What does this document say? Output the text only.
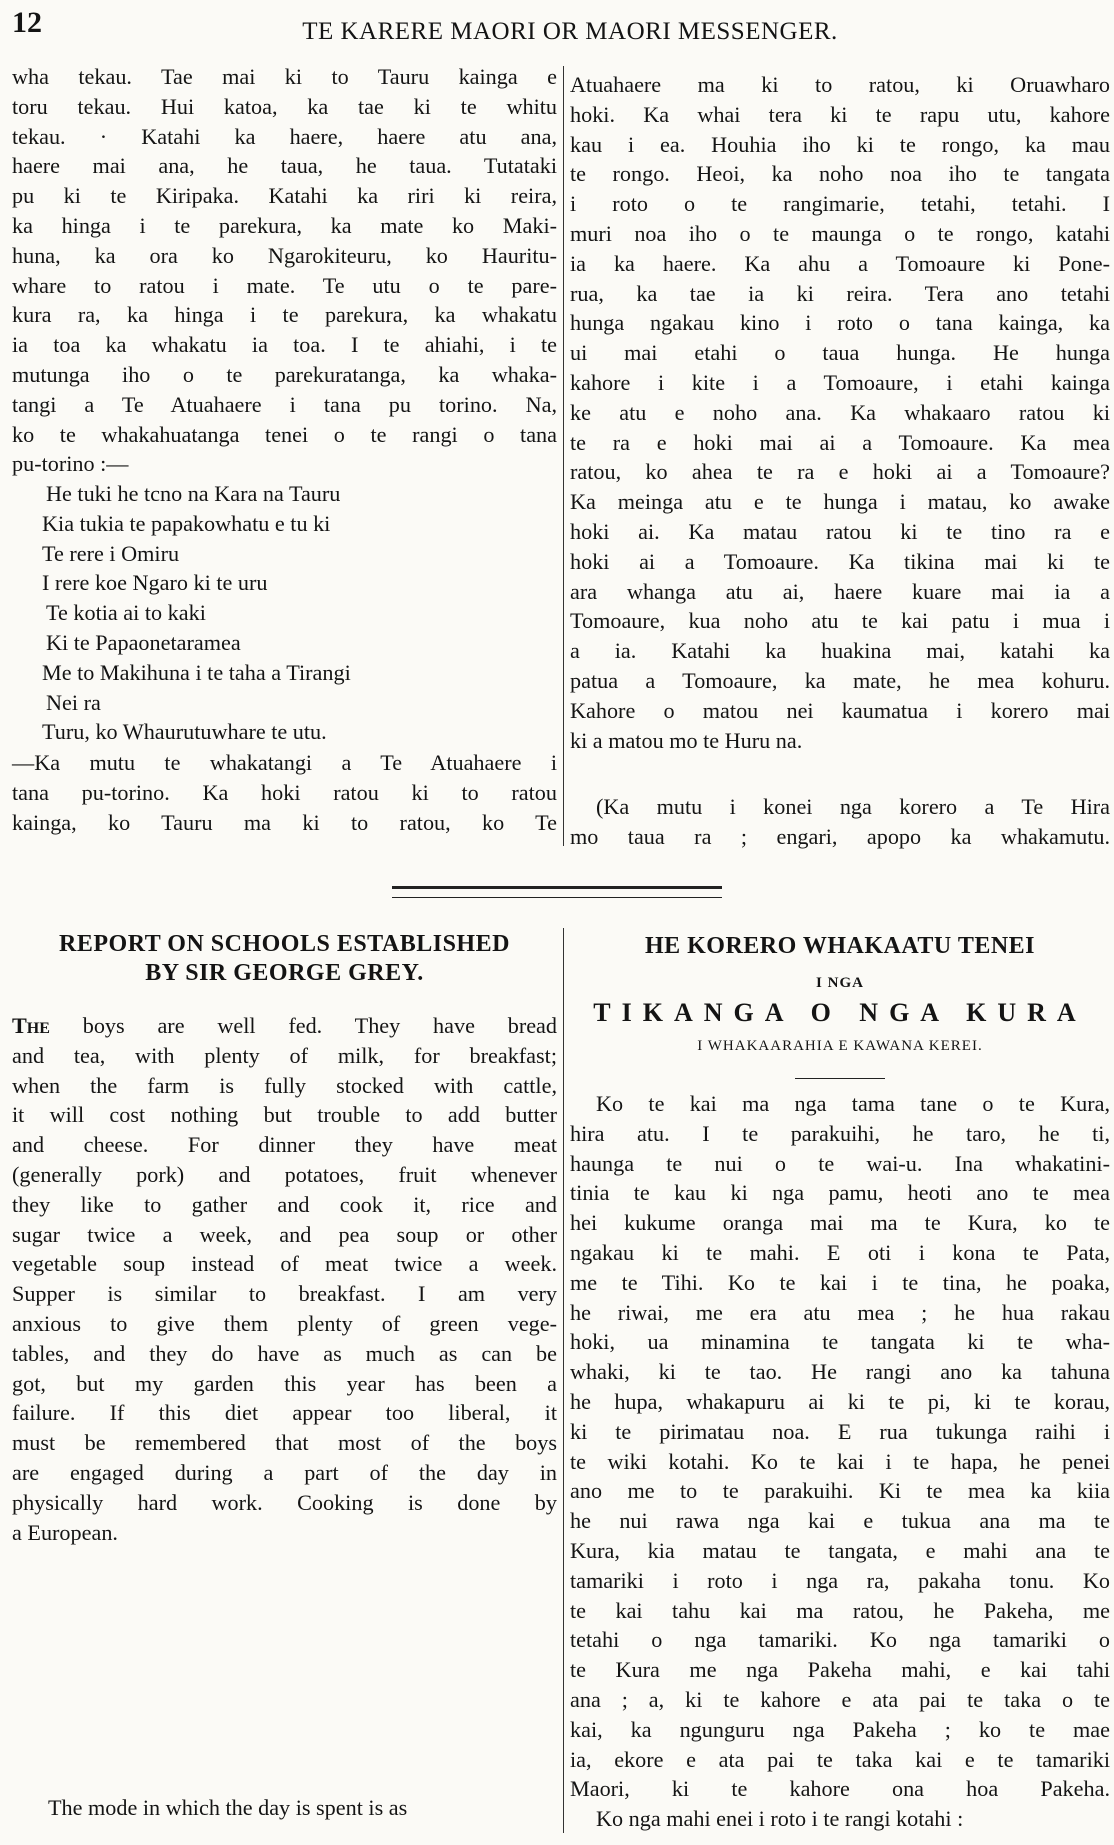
12	TE KARERE MAORI OR MAORI MESSENGER.
wha tekau. Tae mai ki to Tauru kainga e
toru tekau. Hui katoa, ka tae ki te whitu
tekau. · Katahi ka haere, haere atu ana,
haere mai ana, he taua, he taua. Tutataki
pu ki te Kiripaka. Katahi ka riri ki reira,
ka hinga i te parekura, ka mate ko Maki-
huna, ka ora ko Ngarokiteuru, ko Hauritu-
whare to ratou i mate. Te utu o te pare-
kura ra, ka hinga i te parekura, ka whakatu
ia toa ka whakatu ia toa. I te ahiahi, i te
mutunga iho o te parekuratanga, ka whaka-
tangi a Te Atuahaere i tana pu torino. Na,
ko te whakahuatanga tenei o te rangi o tana
pu-torino :—
He tuki he tcno na Kara na Tauru
Kia tukia te papakowhatu e tu ki
Te rere i Omiru
I rere koe Ngaro ki te uru
Te kotia ai to kaki
Ki te Papaonetaramea
Me to Makihuna i te taha a Tirangi
Nei ra
Turu, ko Whaurutuwhare te utu.
—Ka mutu te whakatangi a Te Atuahaere i
tana pu-torino. Ka hoki ratou ki to ratou
kainga, ko Tauru ma ki to ratou, ko Te
Atuahaere ma ki to ratou, ki Oruawharo
hoki. Ka whai tera ki te rapu utu, kahore
kau i ea. Houhia iho ki te rongo, ka mau
te rongo. Heoi, ka noho noa iho te tangata
i roto o te rangimarie, tetahi, tetahi. I
muri noa iho o te maunga o te rongo, katahi
ia ka haere. Ka ahu a Tomoaure ki Pone-
rua, ka tae ia ki reira. Tera ano tetahi
hunga ngakau kino i roto o tana kainga, ka
ui mai etahi o taua hunga. He hunga
kahore i kite i a Tomoaure, i etahi kainga
ke atu e noho ana. Ka whakaaro ratou ki
te ra e hoki mai ai a Tomoaure. Ka mea
ratou, ko ahea te ra e hoki ai a Tomoaure?
Ka meinga atu e te hunga i matau, ko awake
hoki ai. Ka matau ratou ki te tino ra e
hoki ai a Tomoaure. Ka tikina mai ki te
ara whanga atu ai, haere kuare mai ia a
Tomoaure, kua noho atu te kai patu i mua i
a ia. Katahi ka huakina mai, katahi ka
patua a Tomoaure, ka mate, he mea kohuru.
Kahore o matou nei kaumatua i korero mai
ki a matou mo te Huru na.
(Ka mutu i konei nga korero a Te Hira
mo taua ra ; engari, apopo ka whakamutu.
REPORT ON SCHOOLS ESTABLISHED
BY SIR GEORGE GREY.
HE KORERO WHAKAATU TENEI
I NGA
TIKANGA O NGA KURA
I WHAKAARAHIA E KAWANA KEREI.
The boys are well fed. They have bread
and tea, with plenty of milk, for breakfast;
when the farm is fully stocked with cattle,
it will cost nothing but trouble to add butter
and cheese. For dinner they have meat
(generally pork) and potatoes, fruit whenever
they like to gather and cook it, rice and
sugar twice a week, and pea soup or other
vegetable soup instead of meat twice a week.
Supper is similar to breakfast. I am very
anxious to give them plenty of green vege-
tables, and they do have as much as can be
got, but my garden this year has been a
failure. If this diet appear too liberal, it
must be remembered that most of the boys
are engaged during a part of the day in
physically hard work. Cooking is done by
a European.
The mode in which the day is spent is as
Ko te kai ma nga tama tane o te Kura,
hira atu. I te parakuihi, he taro, he ti,
haunga te nui o te wai-u. Ina whakatini-
tinia te kau ki nga pamu, heoti ano te mea
hei kukume oranga mai ma te Kura, ko te
ngakau ki te mahi. E oti i kona te Pata,
me te Tihi. Ko te kai i te tina, he poaka,
he riwai, me era atu mea ; he hua rakau
hoki, ua minamina te tangata ki te wha-
whaki, ki te tao. He rangi ano ka tahuna
he hupa, whakapuru ai ki te pi, ki te korau,
ki te pirimatau noa. E rua tukunga raihi i
te wiki kotahi. Ko te kai i te hapa, he penei
ano me to te parakuihi. Ki te mea ka kiia
he nui rawa nga kai e tukua ana ma te
Kura, kia matau te tangata, e mahi ana te
tamariki i roto i nga ra, pakaha tonu. Ko
te kai tahu kai ma ratou, he Pakeha, me
tetahi o nga tamariki. Ko nga tamariki o
te Kura me nga Pakeha mahi, e kai tahi
ana ; a, ki te kahore e ata pai te taka o te
kai, ka ngunguru nga Pakeha ; ko te mae
ia, ekore e ata pai te taka kai e te tamariki
Maori, ki te kahore ona hoa Pakeha.
Ko nga mahi enei i roto i te rangi kotahi :
